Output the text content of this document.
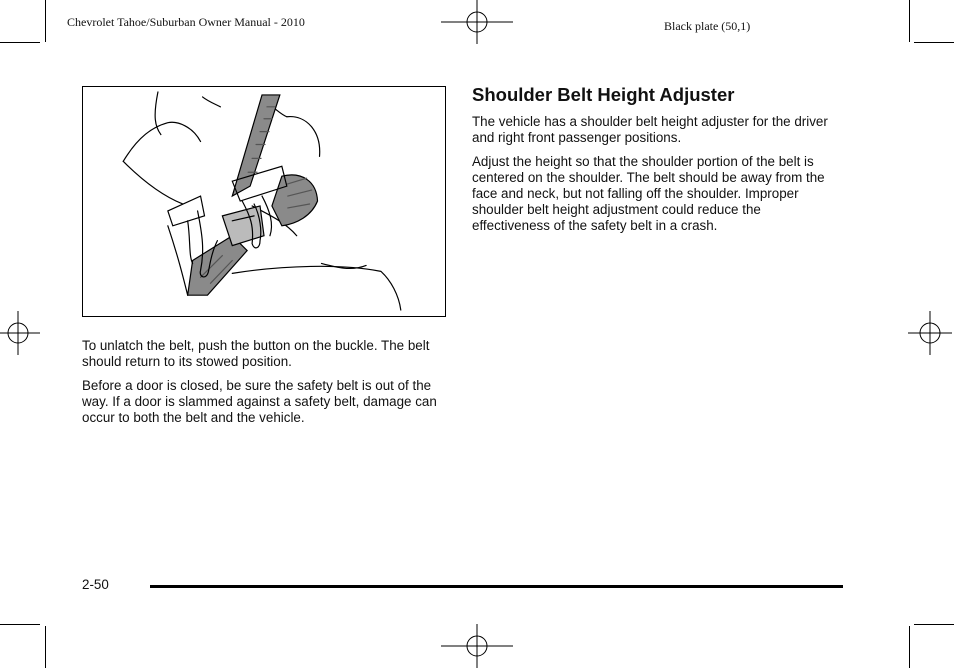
Chevrolet Tahoe/Suburban Owner Manual - 2010	Black plate (50,1)

To unlatch the belt, push the button on the buckle. The belt should return to its stowed position.

Before a door is closed, be sure the safety belt is out of the way. If a door is slammed against a safety belt, damage can occur to both the belt and the vehicle.

Shoulder Belt Height Adjuster

The vehicle has a shoulder belt height adjuster for the driver and right front passenger positions.

Adjust the height so that the shoulder portion of the belt is centered on the shoulder. The belt should be away from the face and neck, but not falling off the shoulder. Improper shoulder belt height adjustment could reduce the effectiveness of the safety belt in a crash.

2-50
